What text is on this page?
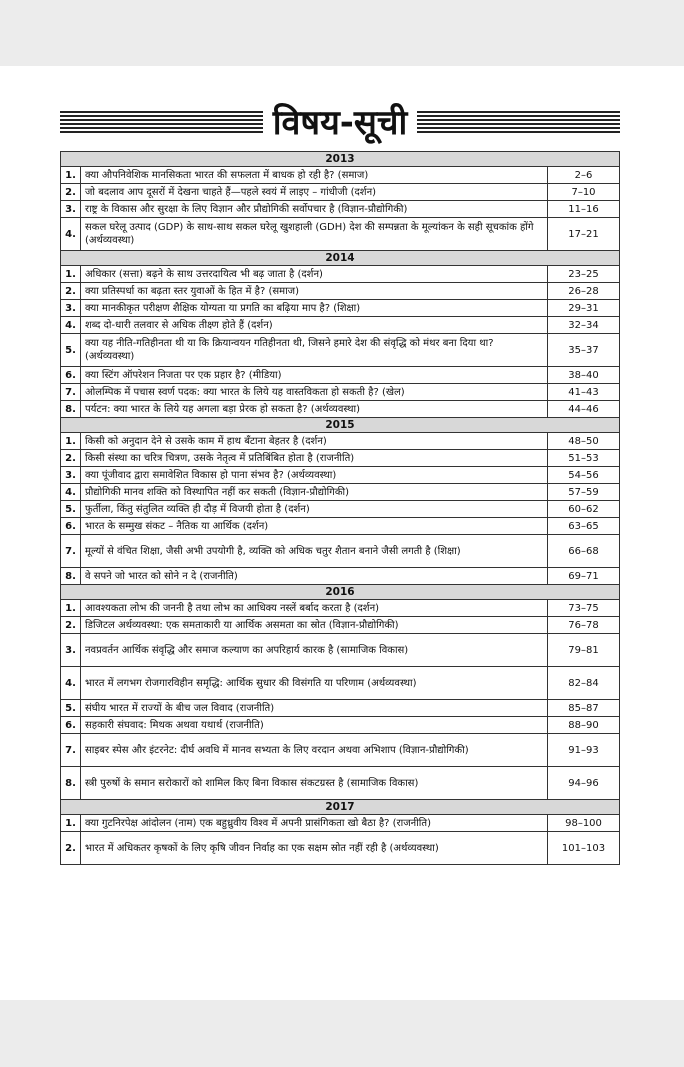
विषय-सूची
2013		
1.	क्या औपनिवेशिक मानसिकता भारत की सफलता में बाधक हो रही है? (समाज)	2–6
2.	जो बदलाव आप दूसरों में देखना चाहते हैं—पहले स्वयं में लाइए – गांधीजी (दर्शन)	7–10
3.	राष्ट्र के विकास और सुरक्षा के लिए विज्ञान और प्रौद्योगिकी सर्वोपचार है (विज्ञान-प्रौद्योगिकी)	11–16
4.	सकल घरेलू उत्पाद (GDP) के साथ-साथ सकल घरेलू खुशहाली (GDH) देश की सम्पन्नता के मूल्यांकन के सही सूचकांक होंगे (अर्थव्यवस्था)	17–21
2014		
1.	अधिकार (सत्ता) बढ़ने के साथ उत्तरदायित्व भी बढ़ जाता है (दर्शन)	23–25
2.	क्या प्रतिस्पर्धा का बढ़ता स्तर युवाओं के हित में है? (समाज)	26–28
3.	क्या मानकीकृत परीक्षण शैक्षिक योग्यता या प्रगति का बढ़िया माप है? (शिक्षा)	29–31
4.	शब्द दो-धारी तलवार से अधिक तीक्ष्ण होते हैं (दर्शन)	32–34
5.	क्या यह नीति-गतिहीनता थी या कि क्रियान्वयन गतिहीनता थी, जिसने हमारे देश की संवृद्धि को मंथर बना दिया था? (अर्थव्यवस्था)	35–37
6.	क्या स्टिंग ऑपरेशन निजता पर एक प्रहार है? (मीडिया)	38–40
7.	ओलम्पिक में पचास स्वर्ण पदक: क्या भारत के लिये यह वास्तविकता हो सकती है? (खेल)	41–43
8.	पर्यटन: क्या भारत के लिये यह अगला बड़ा प्रेरक हो सकता है? (अर्थव्यवस्था)	44–46
2015		
1.	किसी को अनुदान देने से उसके काम में हाथ बँटाना बेहतर है (दर्शन)	48–50
2.	किसी संस्था का चरित्र चित्रण, उसके नेतृत्व में प्रतिबिंबित होता है (राजनीति)	51–53
3.	क्या पूंजीवाद द्वारा समावेशित विकास हो पाना संभव है? (अर्थव्यवस्था)	54–56
4.	प्रौद्योगिकी मानव शक्ति को विस्थापित नहीं कर सकती (विज्ञान-प्रौद्योगिकी)	57–59
5.	फुर्तीला, किंतु संतुलित व्यक्ति ही दौड़ में विजयी होता है (दर्शन)	60–62
6.	भारत के सम्मुख संकट – नैतिक या आर्थिक (दर्शन)	63–65
7.	मूल्यों से वंचित शिक्षा, जैसी अभी उपयोगी है, व्यक्ति को अधिक चतुर शैतान बनाने जैसी लगती है (शिक्षा)	66–68
8.	वे सपने जो भारत को सोने न दे (राजनीति)	69–71
2016		
1.	आवश्यकता लोभ की जननी है तथा लोभ का आधिक्य नस्लें बर्बाद करता है (दर्शन)	73–75
2.	डिजिटल अर्थव्यवस्था: एक समताकारी या आर्थिक असमता का स्रोत (विज्ञान-प्रौद्योगिकी)	76–78
3.	नवप्रवर्तन आर्थिक संवृद्धि और समाज कल्याण का अपरिहार्य कारक है (सामाजिक विकास)	79–81
4.	भारत में लगभग रोजगारविहीन समृद्धि: आर्थिक सुधार की विसंगति या परिणाम (अर्थव्यवस्था)	82–84
5.	संघीय भारत में राज्यों के बीच जल विवाद (राजनीति)	85–87
6.	सहकारी संघवाद: मिथक अथवा यथार्थ (राजनीति)	88–90
7.	साइबर स्पेस और इंटरनेट: दीर्घ अवधि में मानव सभ्यता के लिए वरदान अथवा अभिशाप (विज्ञान-प्रौद्योगिकी)	91–93
8.	स्त्री पुरुषों के समान सरोकारों को शामिल किए बिना विकास संकटग्रस्त है (सामाजिक विकास)	94–96
2017		
1.	क्या गुटनिरपेक्ष आंदोलन (नाम) एक बहुध्रुवीय विश्व में अपनी प्रासंगिकता खो बैठा है? (राजनीति)	98–100
2.	भारत में अधिकतर कृषकों के लिए कृषि जीवन निर्वाह का एक सक्षम स्रोत नहीं रही है (अर्थव्यवस्था)	101–103
